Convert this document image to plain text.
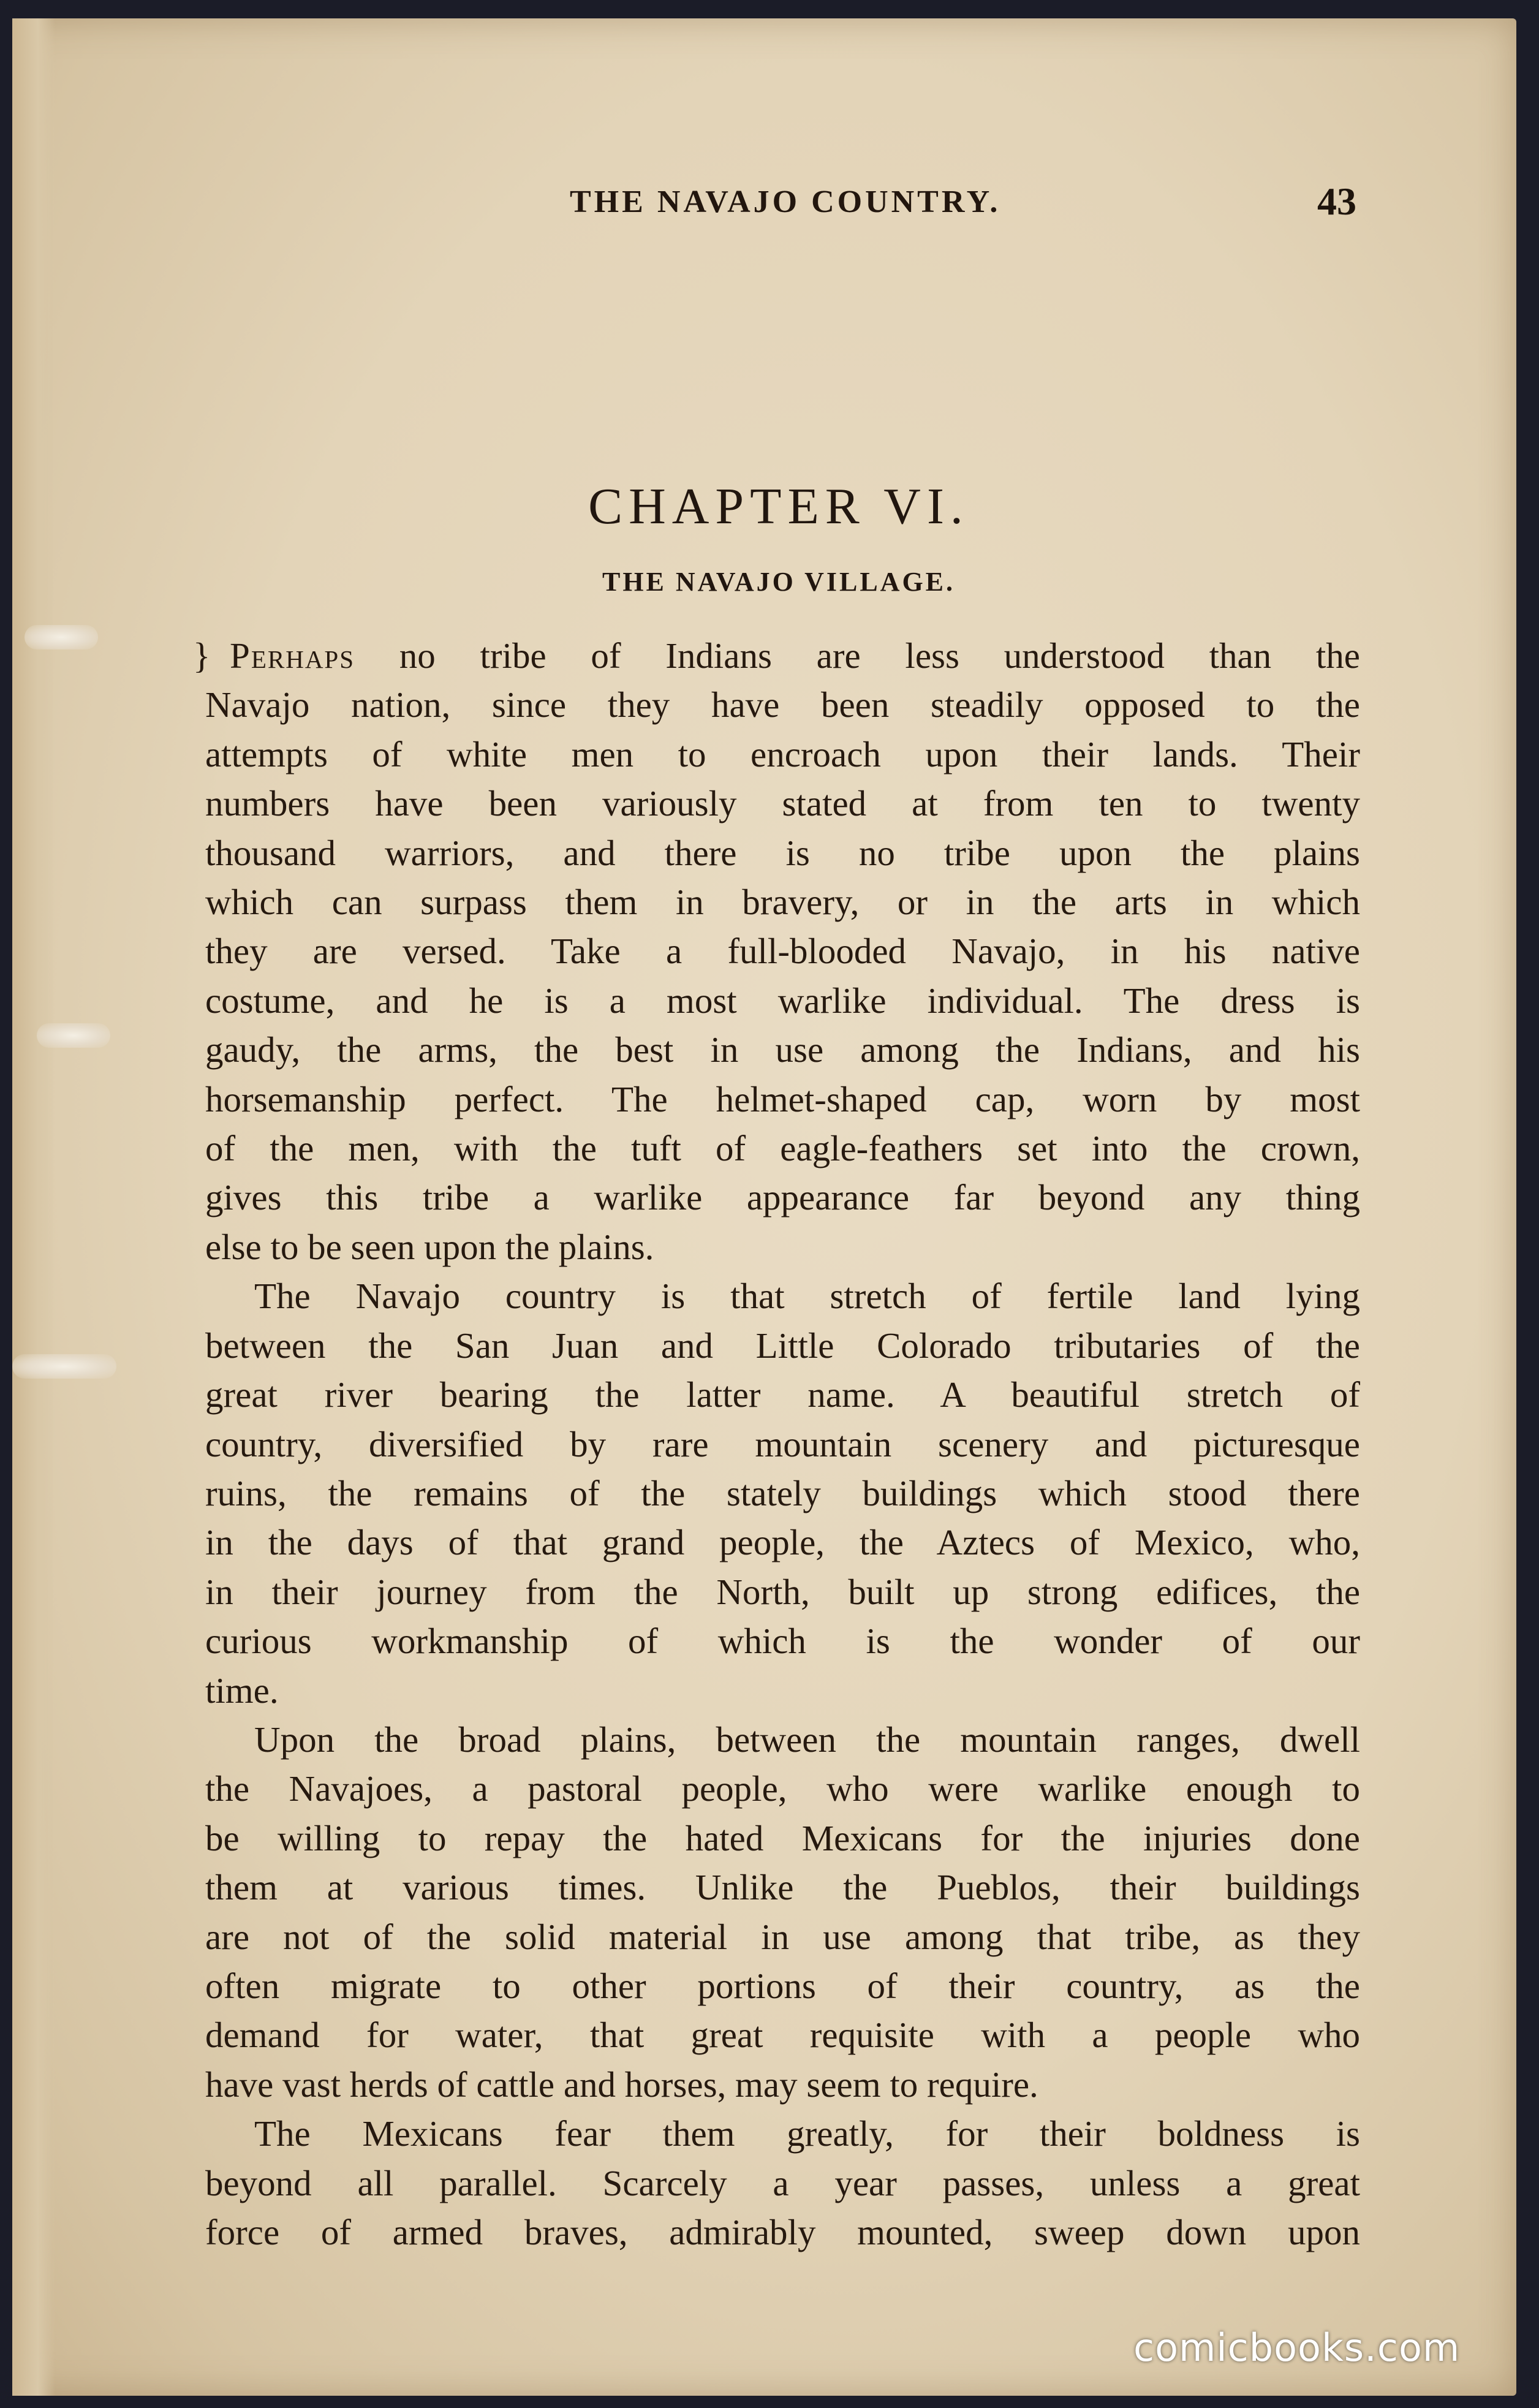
THE NAVAJO COUNTRY.	43
CHAPTER VI.
THE NAVAJO VILLAGE.

} Perhaps no tribe of Indians are less understood than the
Navajo nation, since they have been steadily opposed to the
attempts of white men to encroach upon their lands. Their
numbers have been variously stated at from ten to twenty
thousand warriors, and there is no tribe upon the plains
which can surpass them in bravery, or in the arts in which
they are versed. Take a full-blooded Navajo, in his native
costume, and he is a most warlike individual. The dress is
gaudy, the arms, the best in use among the Indians, and his
horsemanship perfect. The helmet-shaped cap, worn by most
of the men, with the tuft of eagle-feathers set into the crown,
gives this tribe a warlike appearance far beyond any thing
else to be seen upon the plains.

The Navajo country is that stretch of fertile land lying
between the San Juan and Little Colorado tributaries of the
great river bearing the latter name. A beautiful stretch of
country, diversified by rare mountain scenery and picturesque
ruins, the remains of the stately buildings which stood there
in the days of that grand people, the Aztecs of Mexico, who,
in their journey from the North, built up strong edifices, the
curious workmanship of which is the wonder of our
time.

Upon the broad plains, between the mountain ranges, dwell
the Navajoes, a pastoral people, who were warlike enough to
be willing to repay the hated Mexicans for the injuries done
them at various times. Unlike the Pueblos, their buildings
are not of the solid material in use among that tribe, as they
often migrate to other portions of their country, as the
demand for water, that great requisite with a people who
have vast herds of cattle and horses, may seem to require.

The Mexicans fear them greatly, for their boldness is
beyond all parallel. Scarcely a year passes, unless a great
force of armed braves, admirably mounted, sweep down upon

comicbooks.com
